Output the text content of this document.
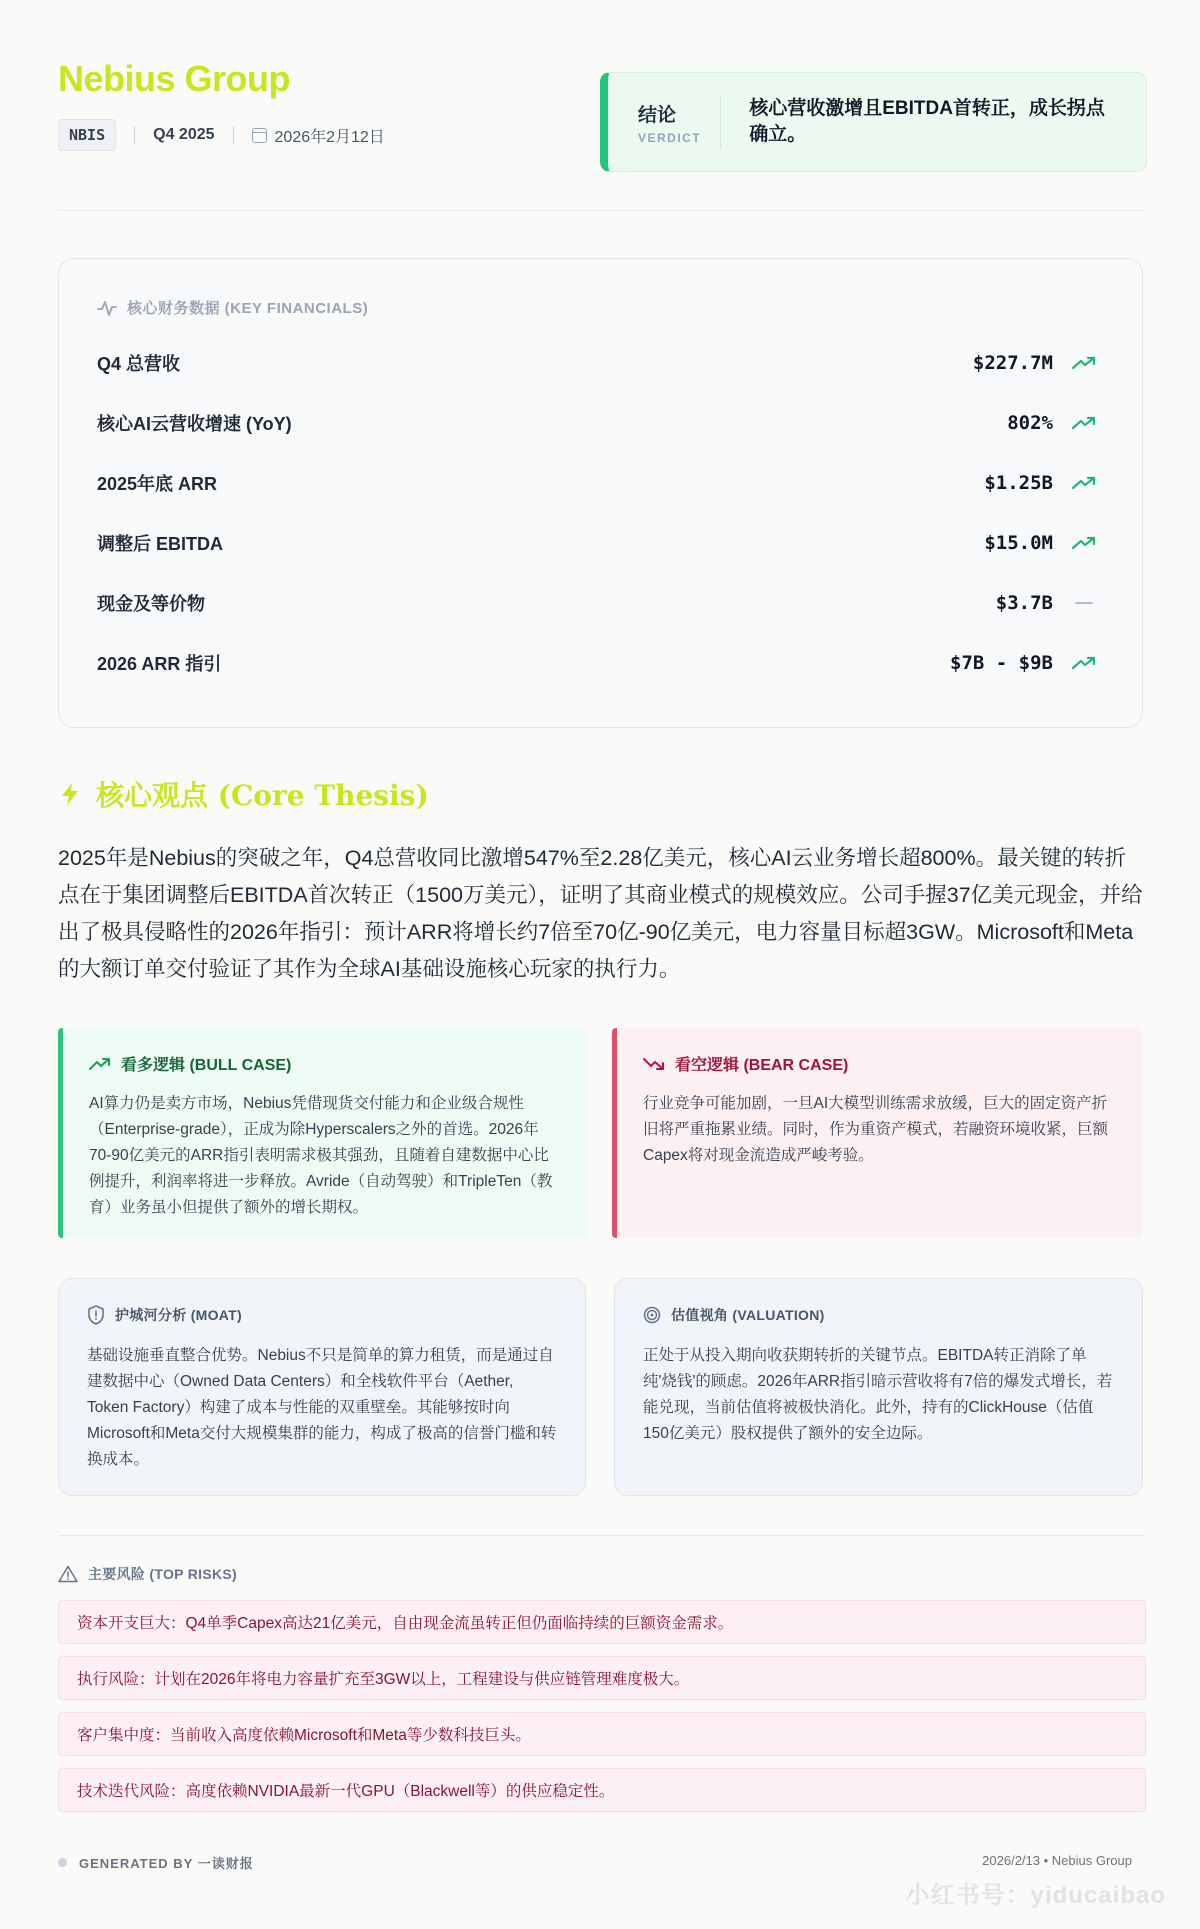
Nebius Group
NBIS	Q4 2025	2026年2月12日
结论
VERDICT
核心营收激增且EBITDA首转正，成长拐点确立。
核心财务数据 (KEY FINANCIALS)
Q4 总营收	$227.7M
核心AI云营收增速 (YoY)	802%
2025年底 ARR	$1.25B
调整后 EBITDA	$15.0M
现金及等价物	$3.7B
2026 ARR 指引	$7B - $9B
核心观点 (Core Thesis)
2025年是Nebius的突破之年，Q4总营收同比激增547%至2.28亿美元，核心AI云业务增长超800%。最关键的转折点在于集团调整后EBITDA首次转正（1500万美元），证明了其商业模式的规模效应。公司手握37亿美元现金，并给出了极具侵略性的2026年指引：预计ARR将增长约7倍至70亿-90亿美元，电力容量目标超3GW。Microsoft和Meta的大额订单交付验证了其作为全球AI基础设施核心玩家的执行力。
看多逻辑 (BULL CASE)
AI算力仍是卖方市场，Nebius凭借现货交付能力和企业级合规性（Enterprise-grade），正成为除Hyperscalers之外的首选。2026年70-90亿美元的ARR指引表明需求极其强劲，且随着自建数据中心比例提升，利润率将进一步释放。Avride（自动驾驶）和TripleTen（教育）业务虽小但提供了额外的增长期权。
看空逻辑 (BEAR CASE)
行业竞争可能加剧，一旦AI大模型训练需求放缓，巨大的固定资产折旧将严重拖累业绩。同时，作为重资产模式，若融资环境收紧，巨额Capex将对现金流造成严峻考验。
护城河分析 (MOAT)
基础设施垂直整合优势。Nebius不只是简单的算力租赁，而是通过自建数据中心（Owned Data Centers）和全栈软件平台（Aether, Token Factory）构建了成本与性能的双重壁垒。其能够按时向Microsoft和Meta交付大规模集群的能力，构成了极高的信誉门槛和转换成本。
估值视角 (VALUATION)
正处于从投入期向收获期转折的关键节点。EBITDA转正消除了单纯'烧钱'的顾虑。2026年ARR指引暗示营收将有7倍的爆发式增长，若能兑现，当前估值将被极快消化。此外，持有的ClickHouse（估值150亿美元）股权提供了额外的安全边际。
主要风险 (TOP RISKS)
资本开支巨大：Q4单季Capex高达21亿美元，自由现金流虽转正但仍面临持续的巨额资金需求。
执行风险：计划在2026年将电力容量扩充至3GW以上，工程建设与供应链管理难度极大。
客户集中度：当前收入高度依赖Microsoft和Meta等少数科技巨头。
技术迭代风险：高度依赖NVIDIA最新一代GPU（Blackwell等）的供应稳定性。
GENERATED BY 一读财报	2026/2/13 • Nebius Group
小红书号：yiducaibao
